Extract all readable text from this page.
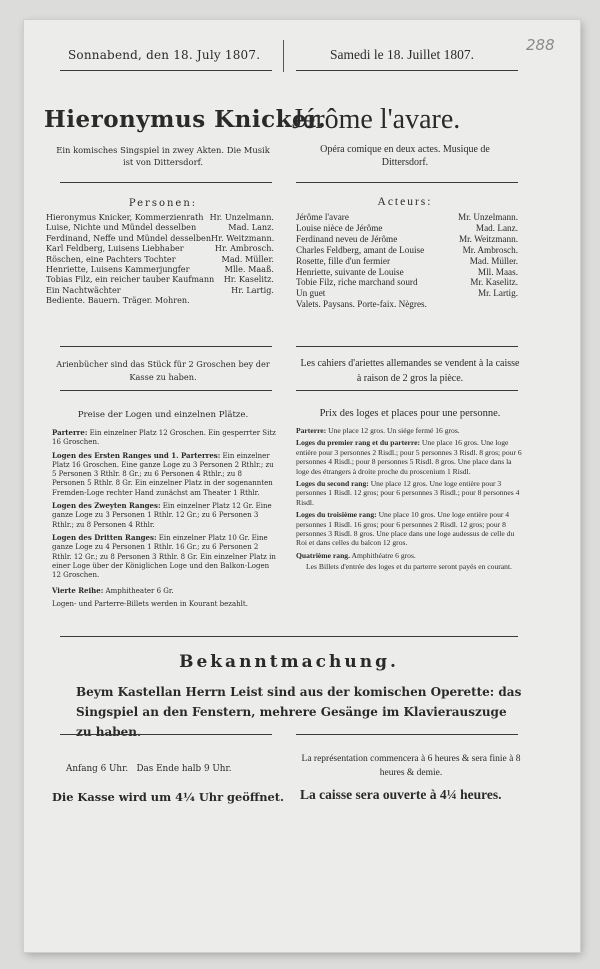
288
Sonnabend, den 18. July 1807.	Samedi le 18. Juillet 1807.
Hieronymus Knicker.
Jérôme l'avare.
Ein komisches Singspiel in zwey Akten. Die Musik ist von Dittersdorf.
Opéra comique en deux actes. Musique de Dittersdorf.
Personen:
Hieronymus Knicker, Kommerzienrath Hr. Unzelmann.
Luise, Nichte und Mündel desselben	Mad. Lanz.
Ferdinand, Neffe und Mündel desselben Hr. Weitzmann.
Karl Feldberg, Luisens Liebhaber	Hr. Ambrosch.
Röschen, eine Pachters Tochter	Mad. Müller.
Henriette, Luisens Kammerjungfer	Mlle. Maaß.
Tobias Filz, ein reicher tauber Kaufmann	Hr. Kaselitz.
Ein Nachtwächter	Hr. Lartig.
Bediente. Bauern. Träger. Mohren.
Acteurs:
Jérôme l'avare	Mr. Unzelmann.
Louise nièce de Jérôme	Mad. Lanz.
Ferdinand neveu de Jérôme	Mr. Weitzmann.
Charles Feldberg, amant de Louise	Mr. Ambrosch.
Rosette, fille d'un fermier	Mad. Müller.
Henriette, suivante de Louise	Mll. Maas.
Tobie Filz, riche marchand sourd	Mr. Kaselitz.
Un guet	Mr. Lartig.
Valets. Paysans. Porte-faix. Nègres.
Arienbücher sind das Stück für 2 Groschen bey der Kasse zu haben.
Les cahiers d'ariettes allemandes se vendent à la caisse à raison de 2 gros la pièce.
Preise der Logen und einzelnen Plätze.
Parterre: Ein einzelner Platz 12 Groschen. Ein gesperrter Sitz 16 Groschen.
Logen des Ersten Ranges und 1. Parterres: Ein einzelner Platz 16 Groschen. Eine ganze Loge zu 3 Personen 2 Rthlr.; zu 5 Personen 3 Rthlr. 8 Gr.; zu 6 Personen 4 Rthlr.; zu 8 Personen 5 Rthlr. 8 Gr. Ein einzelner Platz in der sogenannten Fremden-Loge rechter Hand zunächst am Theater 1 Rthlr.
Logen des Zweyten Ranges: Ein einzelner Platz 12 Gr. Eine ganze Loge zu 3 Personen 1 Rthlr. 12 Gr.; zu 6 Personen 3 Rthlr.; zu 8 Personen 4 Rthlr.
Logen des Dritten Ranges: Ein einzelner Platz 10 Gr. Eine ganze Loge zu 4 Personen 1 Rthlr. 16 Gr.; zu 6 Personen 2 Rthlr. 12 Gr.; zu 8 Personen 3 Rthlr. 8 Gr. Ein einzelner Platz in einer Loge über der Königlichen Loge und den Balkon-Logen 12 Groschen.
Vierte Reihe: Amphitheater 6 Gr.
Logen- und Parterre-Billets werden in Kourant bezahlt.
Prix des loges et places pour une personne.
Parterre: Une place 12 gros. Un siége fermé 16 gros.
Loges du premier rang et du parterre: Une place 16 gros. Une loge entière pour 3 personnes 2 Risdl.; pour 5 personnes 3 Risdl. 8 gros; pour 6 personnes 4 Risdl.; pour 8 personnes 5 Risdl. 8 gros. Une place dans la loge des étrangers à droite proche du proscenium 1 Risdl.
Loges du second rang: Une place 12 gros. Une loge entière pour 3 personnes 1 Risdl. 12 gros; pour 6 personnes 3 Risdl.; pour 8 personnes 4 Risdl.
Loges du troisième rang: Une place 10 gros. Une loge entière pour 4 personnes 1 Risdl. 16 gros; pour 6 personnes 2 Risdl. 12 gros; pour 8 personnes 3 Risdl. 8 gros. Une place dans une loge audessus de celle du Roi et dans celles du balcon 12 gros.
Quatrième rang. Amphithéatre 6 gros.
Les Billets d'entrée des loges et du parterre seront payés en courant.
Bekanntmachung.
Beym Kastellan Herrn Leist sind aus der komischen Operette: das Singspiel an den Fenstern, mehrere Gesänge im Klavierauszuge zu haben.
Anfang 6 Uhr.   Das Ende halb 9 Uhr.
La représentation commencera à 6 heures & sera finie à 8 heures & demie.
Die Kasse wird um 4¼ Uhr geöffnet. La caisse sera ouverte à 4¼ heures.
